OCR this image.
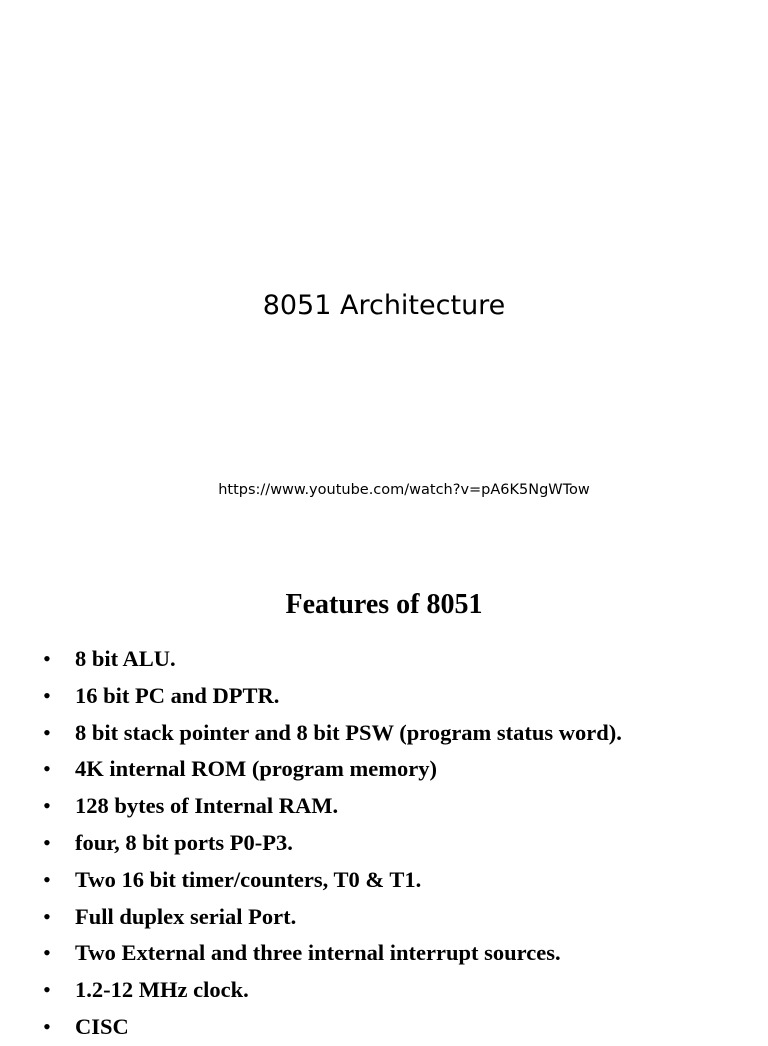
8051 Architecture
https://www.youtube.com/watch?v=pA6K5NgWTow
Features of 8051
• 8 bit ALU.
• 16 bit PC and DPTR.
• 8 bit stack pointer and 8 bit PSW (program status word).
• 4K internal ROM (program memory)
• 128 bytes of Internal RAM.
• four, 8 bit ports P0-P3.
• Two 16 bit timer/counters, T0 & T1.
• Full duplex serial Port.
• Two External and three internal interrupt sources.
• 1.2-12 MHz clock.
• CISC
